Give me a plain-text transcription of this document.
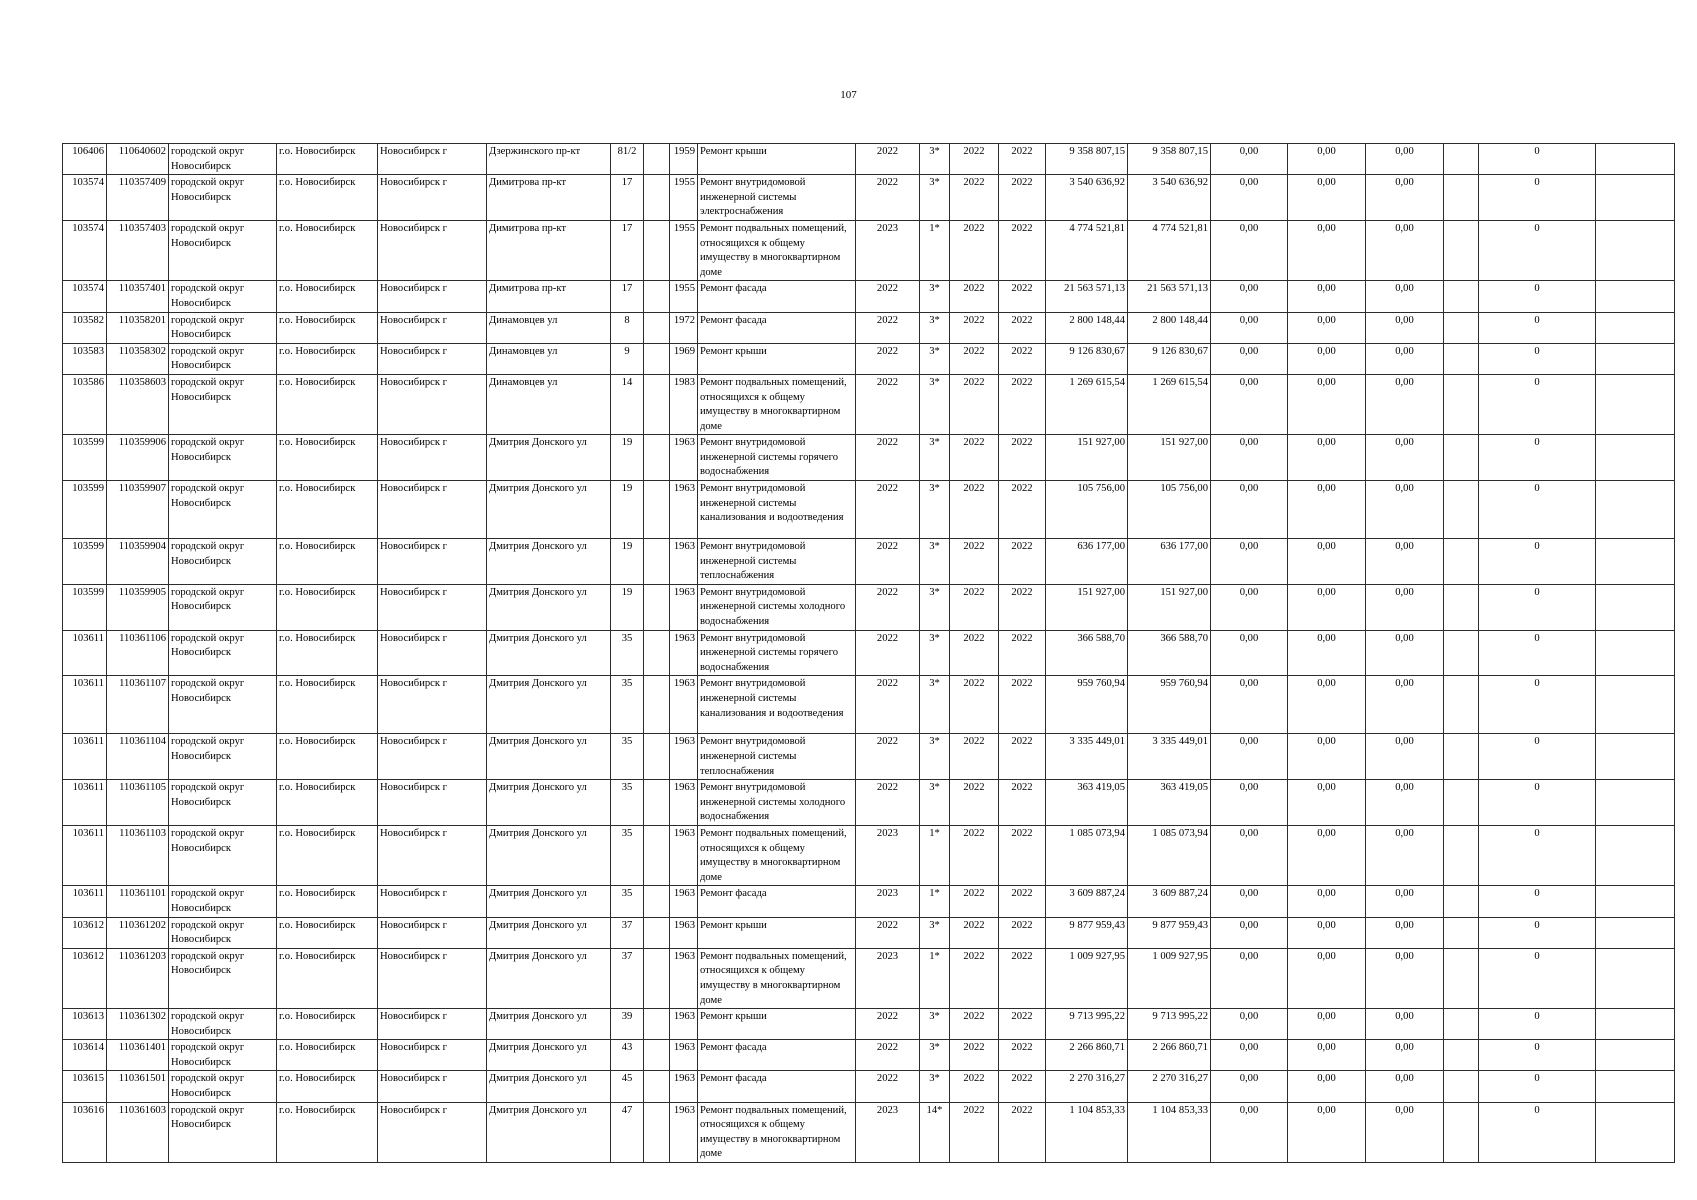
107
106406	110640602	городской округ Новосибирск	г.о. Новосибирск	Новосибирск г	Дзержинского пр-кт	81/2		1959	Ремонт крыши	2022	3*	2022	2022	9 358 807,15	9 358 807,15	0,00	0,00	0,00		0	
103574	110357409	городской округ Новосибирск	г.о. Новосибирск	Новосибирск г	Димитрова пр-кт	17		1955	Ремонт внутридомовой инженерной системы электроснабжения	2022	3*	2022	2022	3 540 636,92	3 540 636,92	0,00	0,00	0,00		0	
103574	110357403	городской округ Новосибирск	г.о. Новосибирск	Новосибирск г	Димитрова пр-кт	17		1955	Ремонт подвальных помещений, относящихся к общему имуществу в многоквартирном доме	2023	1*	2022	2022	4 774 521,81	4 774 521,81	0,00	0,00	0,00		0	
103574	110357401	городской округ Новосибирск	г.о. Новосибирск	Новосибирск г	Димитрова пр-кт	17		1955	Ремонт фасада	2022	3*	2022	2022	21 563 571,13	21 563 571,13	0,00	0,00	0,00		0	
103582	110358201	городской округ Новосибирск	г.о. Новосибирск	Новосибирск г	Динамовцев ул	8		1972	Ремонт фасада	2022	3*	2022	2022	2 800 148,44	2 800 148,44	0,00	0,00	0,00		0	
103583	110358302	городской округ Новосибирск	г.о. Новосибирск	Новосибирск г	Динамовцев ул	9		1969	Ремонт крыши	2022	3*	2022	2022	9 126 830,67	9 126 830,67	0,00	0,00	0,00		0	
103586	110358603	городской округ Новосибирск	г.о. Новосибирск	Новосибирск г	Динамовцев ул	14		1983	Ремонт подвальных помещений, относящихся к общему имуществу в многоквартирном доме	2022	3*	2022	2022	1 269 615,54	1 269 615,54	0,00	0,00	0,00		0	
103599	110359906	городской округ Новосибирск	г.о. Новосибирск	Новосибирск г	Дмитрия Донского ул	19		1963	Ремонт внутридомовой инженерной системы горячего водоснабжения	2022	3*	2022	2022	151 927,00	151 927,00	0,00	0,00	0,00		0	
103599	110359907	городской округ Новосибирск	г.о. Новосибирск	Новосибирск г	Дмитрия Донского ул	19		1963	Ремонт внутридомовой инженерной системы канализования и водоотведения	2022	3*	2022	2022	105 756,00	105 756,00	0,00	0,00	0,00		0	
103599	110359904	городской округ Новосибирск	г.о. Новосибирск	Новосибирск г	Дмитрия Донского ул	19		1963	Ремонт внутридомовой инженерной системы теплоснабжения	2022	3*	2022	2022	636 177,00	636 177,00	0,00	0,00	0,00		0	
103599	110359905	городской округ Новосибирск	г.о. Новосибирск	Новосибирск г	Дмитрия Донского ул	19		1963	Ремонт внутридомовой инженерной системы холодного водоснабжения	2022	3*	2022	2022	151 927,00	151 927,00	0,00	0,00	0,00		0	
103611	110361106	городской округ Новосибирск	г.о. Новосибирск	Новосибирск г	Дмитрия Донского ул	35		1963	Ремонт внутридомовой инженерной системы горячего водоснабжения	2022	3*	2022	2022	366 588,70	366 588,70	0,00	0,00	0,00		0	
103611	110361107	городской округ Новосибирск	г.о. Новосибирск	Новосибирск г	Дмитрия Донского ул	35		1963	Ремонт внутридомовой инженерной системы канализования и водоотведения	2022	3*	2022	2022	959 760,94	959 760,94	0,00	0,00	0,00		0	
103611	110361104	городской округ Новосибирск	г.о. Новосибирск	Новосибирск г	Дмитрия Донского ул	35		1963	Ремонт внутридомовой инженерной системы теплоснабжения	2022	3*	2022	2022	3 335 449,01	3 335 449,01	0,00	0,00	0,00		0	
103611	110361105	городской округ Новосибирск	г.о. Новосибирск	Новосибирск г	Дмитрия Донского ул	35		1963	Ремонт внутридомовой инженерной системы холодного водоснабжения	2022	3*	2022	2022	363 419,05	363 419,05	0,00	0,00	0,00		0	
103611	110361103	городской округ Новосибирск	г.о. Новосибирск	Новосибирск г	Дмитрия Донского ул	35		1963	Ремонт подвальных помещений, относящихся к общему имуществу в многоквартирном доме	2023	1*	2022	2022	1 085 073,94	1 085 073,94	0,00	0,00	0,00		0	
103611	110361101	городской округ Новосибирск	г.о. Новосибирск	Новосибирск г	Дмитрия Донского ул	35		1963	Ремонт фасада	2023	1*	2022	2022	3 609 887,24	3 609 887,24	0,00	0,00	0,00		0	
103612	110361202	городской округ Новосибирск	г.о. Новосибирск	Новосибирск г	Дмитрия Донского ул	37		1963	Ремонт крыши	2022	3*	2022	2022	9 877 959,43	9 877 959,43	0,00	0,00	0,00		0	
103612	110361203	городской округ Новосибирск	г.о. Новосибирск	Новосибирск г	Дмитрия Донского ул	37		1963	Ремонт подвальных помещений, относящихся к общему имуществу в многоквартирном доме	2023	1*	2022	2022	1 009 927,95	1 009 927,95	0,00	0,00	0,00		0	
103613	110361302	городской округ Новосибирск	г.о. Новосибирск	Новосибирск г	Дмитрия Донского ул	39		1963	Ремонт крыши	2022	3*	2022	2022	9 713 995,22	9 713 995,22	0,00	0,00	0,00		0	
103614	110361401	городской округ Новосибирск	г.о. Новосибирск	Новосибирск г	Дмитрия Донского ул	43		1963	Ремонт фасада	2022	3*	2022	2022	2 266 860,71	2 266 860,71	0,00	0,00	0,00		0	
103615	110361501	городской округ Новосибирск	г.о. Новосибирск	Новосибирск г	Дмитрия Донского ул	45		1963	Ремонт фасада	2022	3*	2022	2022	2 270 316,27	2 270 316,27	0,00	0,00	0,00		0	
103616	110361603	городской округ Новосибирск	г.о. Новосибирск	Новосибирск г	Дмитрия Донского ул	47		1963	Ремонт подвальных помещений, относящихся к общему имуществу в многоквартирном доме	2023	14*	2022	2022	1 104 853,33	1 104 853,33	0,00	0,00	0,00		0	
